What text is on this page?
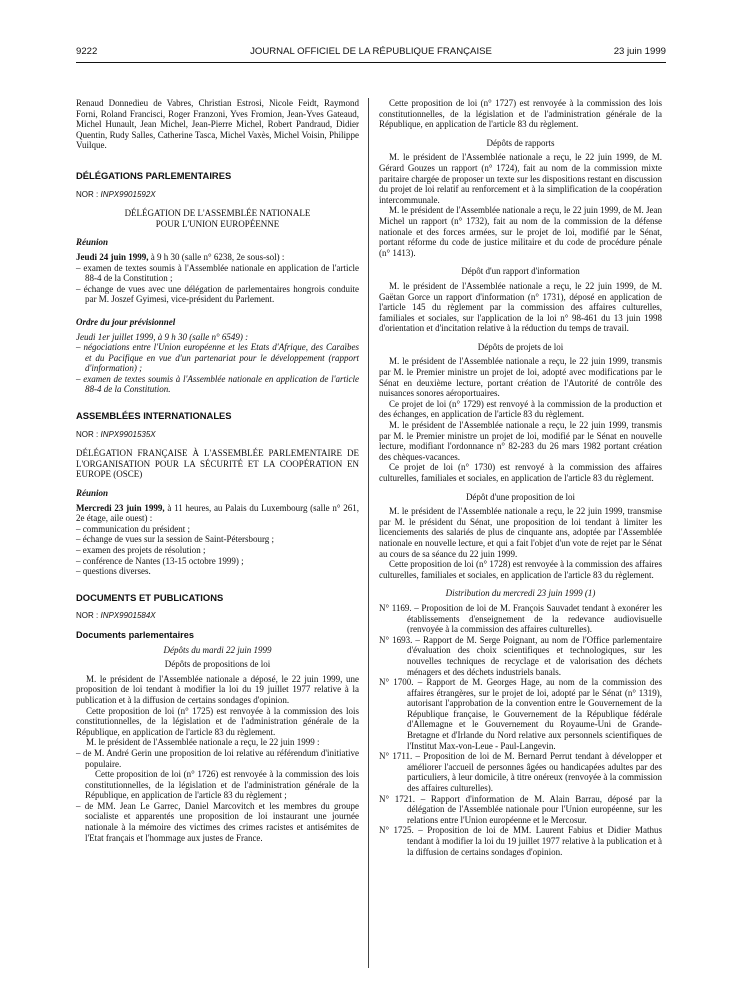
9222	JOURNAL OFFICIEL DE LA RÉPUBLIQUE FRANÇAISE	23 juin 1999

Renaud Donnedieu de Vabres, Christian Estrosi, Nicole Feidt, Raymond Forni, Roland Francisci, Roger Franzoni, Yves Fromion, Jean-Yves Gateaud, Michel Hunault, Jean Michel, Jean-Pierre Michel, Robert Pandraud, Didier Quentin, Rudy Salles, Catherine Tasca, Michel Vaxès, Michel Voisin, Philippe Vuilque.

DÉLÉGATIONS PARLEMENTAIRES

NOR : INPX9901592X

DÉLÉGATION DE L'ASSEMBLÉE NATIONALE POUR L'UNION EUROPÉENNE

Réunion

Jeudi 24 juin 1999, à 9 h 30 (salle n° 6238, 2e sous-sol) :

– examen de textes soumis à l'Assemblée nationale en application de l'article 88-4 de la Constitution ;

– échange de vues avec une délégation de parlementaires hongrois conduite par M. Joszef Gyimesi, vice-président du Parlement.

Ordre du jour prévisionnel

Jeudi 1er juillet 1999, à 9 h 30 (salle n° 6549) :

– négociations entre l'Union européenne et les Etats d'Afrique, des Caraïbes et du Pacifique en vue d'un partenariat pour le développement (rapport d'information) ;

– examen de textes soumis à l'Assemblée nationale en application de l'article 88-4 de la Constitution.

ASSEMBLÉES INTERNATIONALES

NOR : INPX9901535X

DÉLÉGATION FRANÇAISE À L'ASSEMBLÉE PARLEMENTAIRE DE L'ORGANISATION POUR LA SÉCURITÉ ET LA COOPÉRATION EN EUROPE (OSCE)

Réunion

Mercredi 23 juin 1999, à 11 heures, au Palais du Luxembourg (salle n° 261, 2e étage, aile ouest) :

– communication du président ;

– échange de vues sur la session de Saint-Pétersbourg ;

– examen des projets de résolution ;

– conférence de Nantes (13-15 octobre 1999) ;

– questions diverses.

DOCUMENTS ET PUBLICATIONS

NOR : INPX9901584X

Documents parlementaires

Dépôts du mardi 22 juin 1999

Dépôts de propositions de loi

M. le président de l'Assemblée nationale a déposé, le 22 juin 1999, une proposition de loi tendant à modifier la loi du 19 juillet 1977 relative à la publication et à la diffusion de certains sondages d'opinion.

Cette proposition de loi (n° 1725) est renvoyée à la commission des lois constitutionnelles, de la législation et de l'administration générale de la République, en application de l'article 83 du règlement.

M. le président de l'Assemblée nationale a reçu, le 22 juin 1999 :

– de M. André Gerin une proposition de loi relative au référendum d'initiative populaire.

Cette proposition de loi (n° 1726) est renvoyée à la commission des lois constitutionnelles, de la législation et de l'administration générale de la République, en application de l'article 83 du règlement ;

– de MM. Jean Le Garrec, Daniel Marcovitch et les membres du groupe socialiste et apparentés une proposition de loi instaurant une journée nationale à la mémoire des victimes des crimes racistes et antisémites de l'Etat français et l'hommage aux justes de France.

Cette proposition de loi (n° 1727) est renvoyée à la commission des lois constitutionnelles, de la législation et de l'administration générale de la République, en application de l'article 83 du règlement.

Dépôts de rapports

M. le président de l'Assemblée nationale a reçu, le 22 juin 1999, de M. Gérard Gouzes un rapport (n° 1724), fait au nom de la commission mixte paritaire chargée de proposer un texte sur les dispositions restant en discussion du projet de loi relatif au renforcement et à la simplification de la coopération intercommunale.

M. le président de l'Assemblée nationale a reçu, le 22 juin 1999, de M. Jean Michel un rapport (n° 1732), fait au nom de la commission de la défense nationale et des forces armées, sur le projet de loi, modifié par le Sénat, portant réforme du code de justice militaire et du code de procédure pénale (n° 1413).

Dépôt d'un rapport d'information

M. le président de l'Assemblée nationale a reçu, le 22 juin 1999, de M. Gaëtan Gorce un rapport d'information (n° 1731), déposé en application de l'article 145 du règlement par la commission des affaires culturelles, familiales et sociales, sur l'application de la loi n° 98-461 du 13 juin 1998 d'orientation et d'incitation relative à la réduction du temps de travail.

Dépôts de projets de loi

M. le président de l'Assemblée nationale a reçu, le 22 juin 1999, transmis par M. le Premier ministre un projet de loi, adopté avec modifications par le Sénat en deuxième lecture, portant création de l'Autorité de contrôle des nuisances sonores aéroportuaires.

Ce projet de loi (n° 1729) est renvoyé à la commission de la production et des échanges, en application de l'article 83 du règlement.

M. le président de l'Assemblée nationale a reçu, le 22 juin 1999, transmis par M. le Premier ministre un projet de loi, modifié par le Sénat en nouvelle lecture, modifiant l'ordonnance n° 82-283 du 26 mars 1982 portant création des chèques-vacances.

Ce projet de loi (n° 1730) est renvoyé à la commission des affaires culturelles, familiales et sociales, en application de l'article 83 du règlement.

Dépôt d'une proposition de loi

M. le président de l'Assemblée nationale a reçu, le 22 juin 1999, transmise par M. le président du Sénat, une proposition de loi tendant à limiter les licenciements des salariés de plus de cinquante ans, adoptée par l'Assemblée nationale en nouvelle lecture, et qui a fait l'objet d'un vote de rejet par le Sénat au cours de sa séance du 22 juin 1999.

Cette proposition de loi (n° 1728) est renvoyée à la commission des affaires culturelles, familiales et sociales, en application de l'article 83 du règlement.

Distribution du mercredi 23 juin 1999 (1)

N° 1169. – Proposition de loi de M. François Sauvadet tendant à exonérer les établissements d'enseignement de la redevance audiovisuelle (renvoyée à la commission des affaires culturelles).

N° 1693. – Rapport de M. Serge Poignant, au nom de l'Office parlementaire d'évaluation des choix scientifiques et technologiques, sur les nouvelles techniques de recyclage et de valorisation des déchets ménagers et des déchets industriels banals.

N° 1700. – Rapport de M. Georges Hage, au nom de la commission des affaires étrangères, sur le projet de loi, adopté par le Sénat (n° 1319), autorisant l'approbation de la convention entre le Gouvernement de la République française, le Gouvernement de la République fédérale d'Allemagne et le Gouvernement du Royaume-Uni de Grande-Bretagne et d'Irlande du Nord relative aux personnels scientifiques de l'Institut Max-von-Leue - Paul-Langevin.

N° 1711. – Proposition de loi de M. Bernard Perrut tendant à développer et améliorer l'accueil de personnes âgées ou handicapées adultes par des particuliers, à leur domicile, à titre onéreux (renvoyée à la commission des affaires culturelles).

N° 1721. – Rapport d'information de M. Alain Barrau, déposé par la délégation de l'Assemblée nationale pour l'Union européenne, sur les relations entre l'Union européenne et le Mercosur.

N° 1725. – Proposition de loi de MM. Laurent Fabius et Didier Mathus tendant à modifier la loi du 19 juillet 1977 relative à la publication et à la diffusion de certains sondages d'opinion.
